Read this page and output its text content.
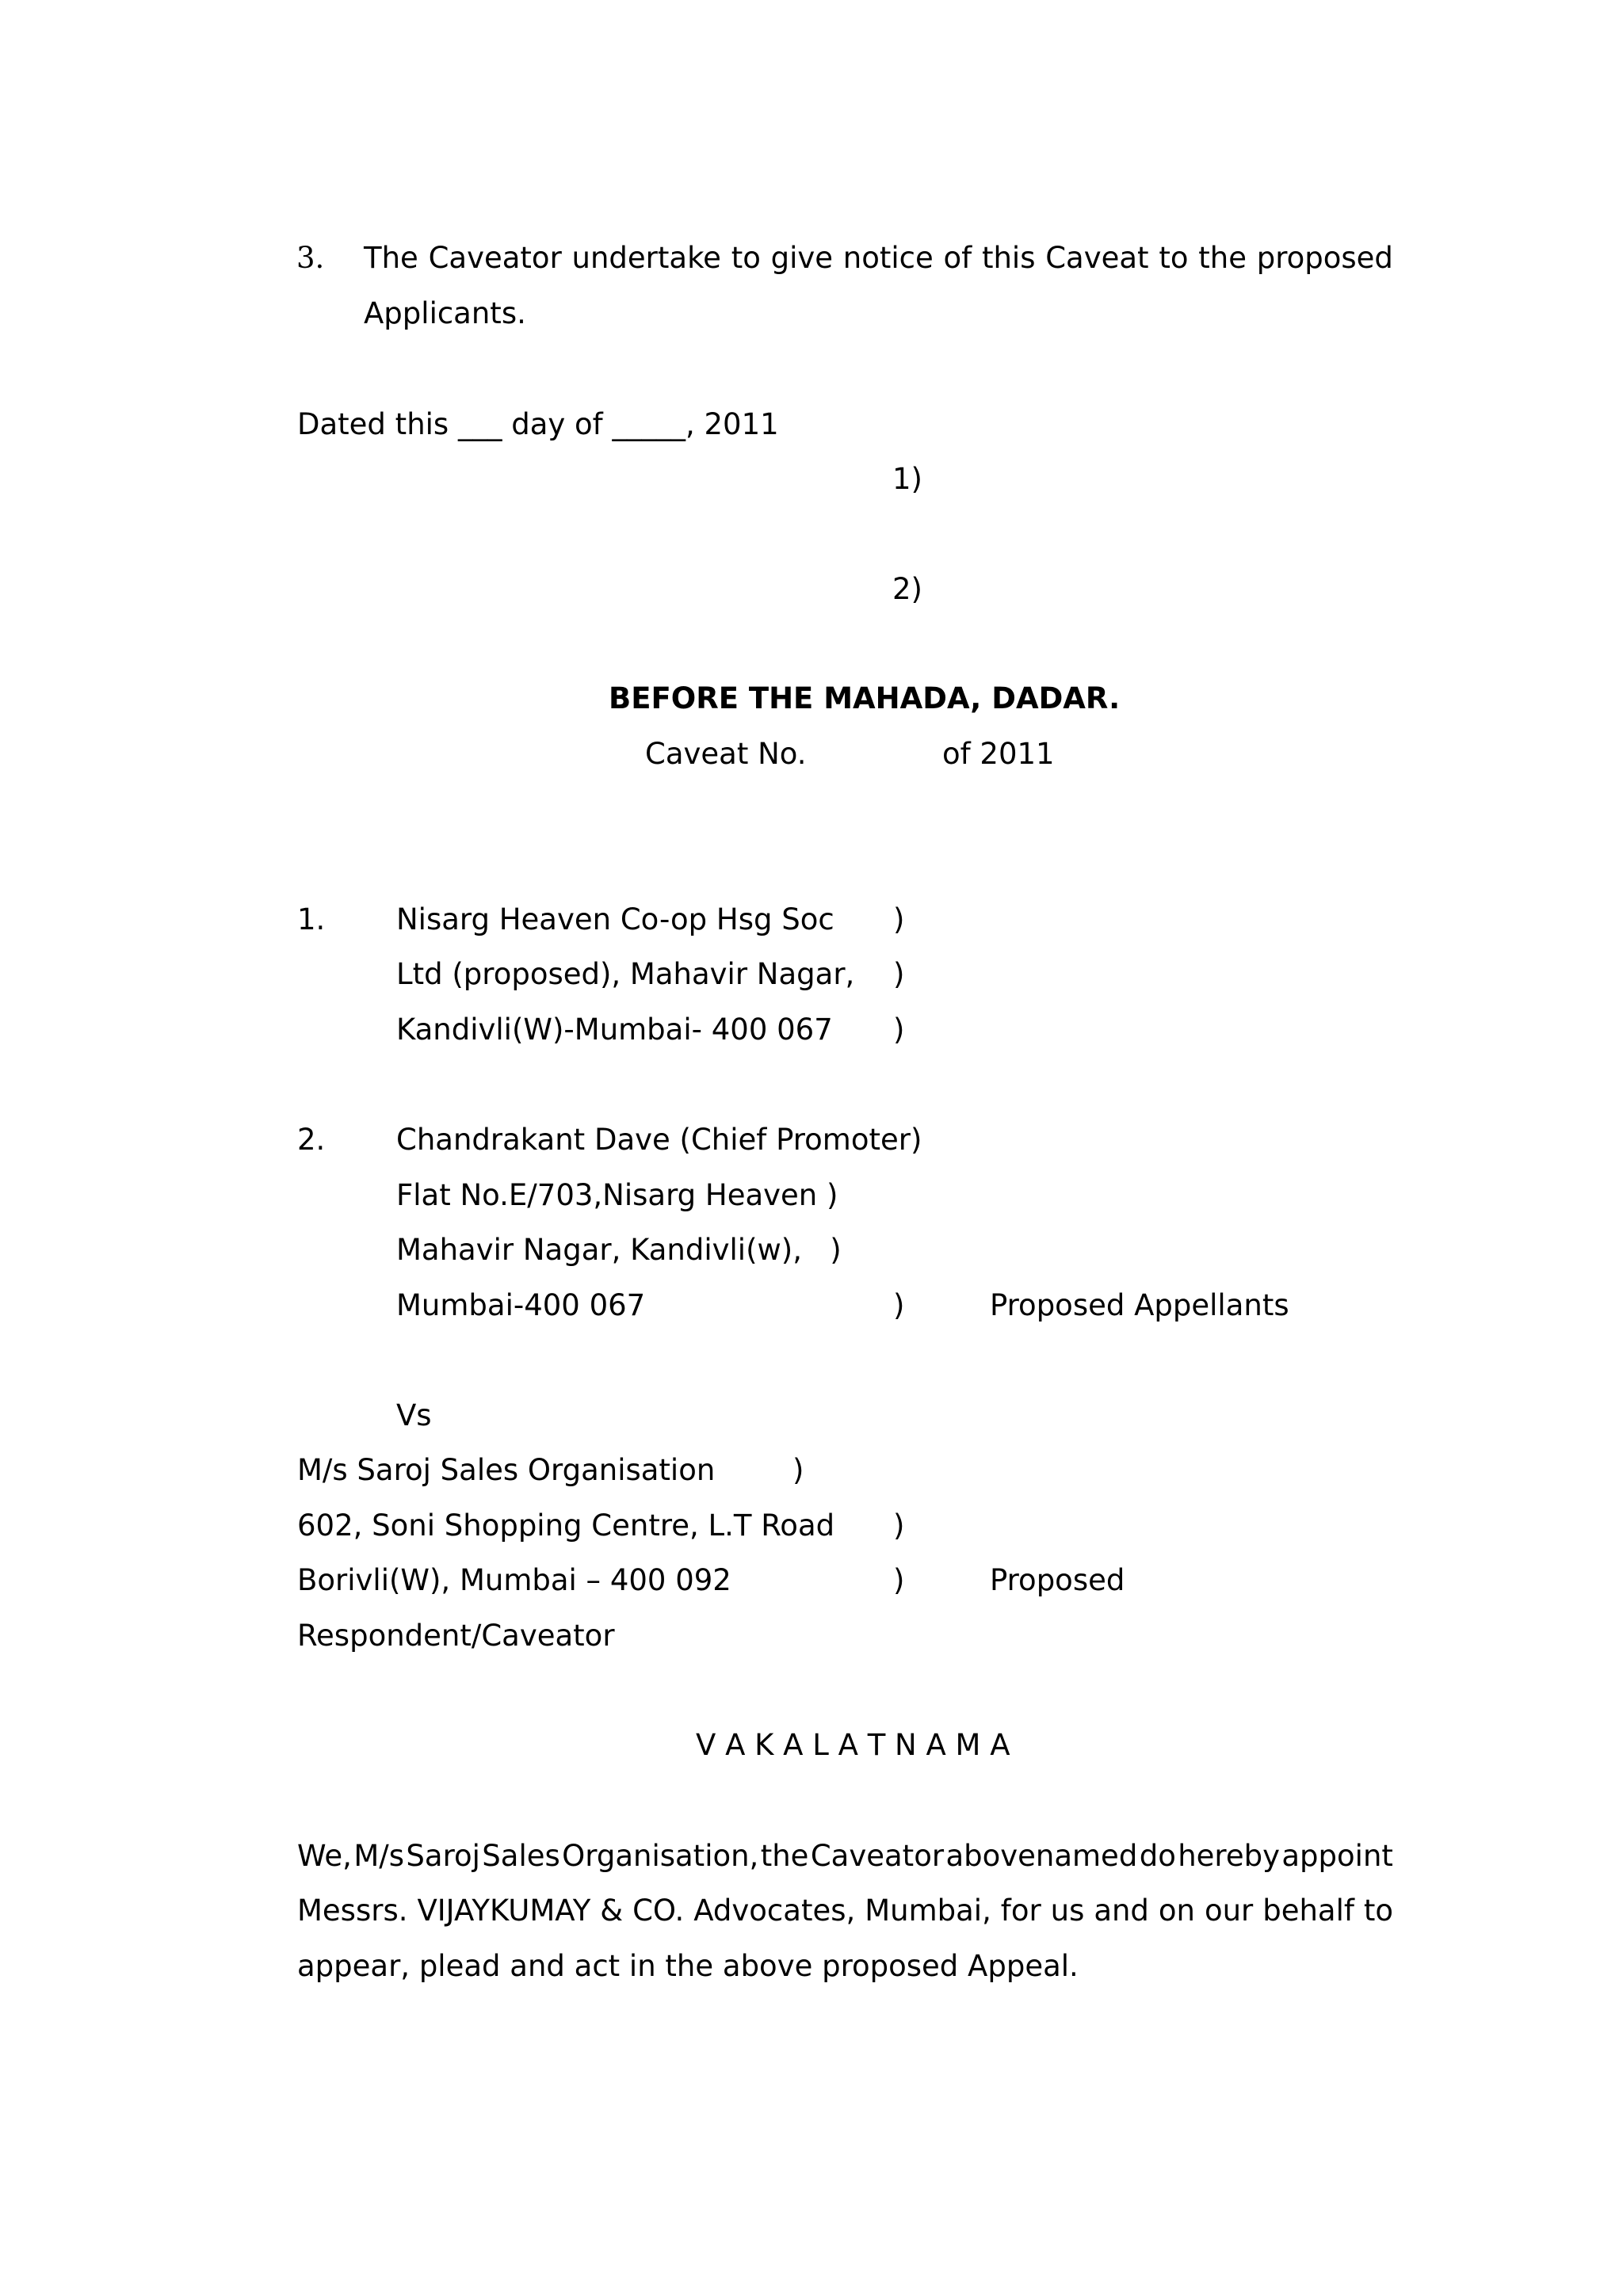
3. The Caveator undertake to give notice of this Caveat to the proposed
Applicants.
Dated this ___ day of _____, 2011
1)
2)
BEFORE THE MAHADA, DADAR.
Caveat No.	of 2011
1. Nisarg Heaven Co-op Hsg Soc )
Ltd (proposed), Mahavir Nagar, )
Kandivli(W)-Mumbai- 400 067 )
2. Chandrakant Dave (Chief Promoter)
Flat No.E/703,Nisarg Heaven )
Mahavir Nagar, Kandivli(w),   )
Mumbai-400 067	)	Proposed Appellants
Vs
M/s Saroj Sales Organisation	)
602, Soni Shopping Centre, L.T Road )
Borivli(W), Mumbai – 400 092	)	Proposed
Respondent/Caveator
V A K A L A T N A M A
We, M/s Saroj Sales Organisation, the Caveator abovenamed do hereby appoint
Messrs. VIJAYKUMAY & CO. Advocates, Mumbai, for us and on our behalf to
appear, plead and act in the above proposed Appeal.
